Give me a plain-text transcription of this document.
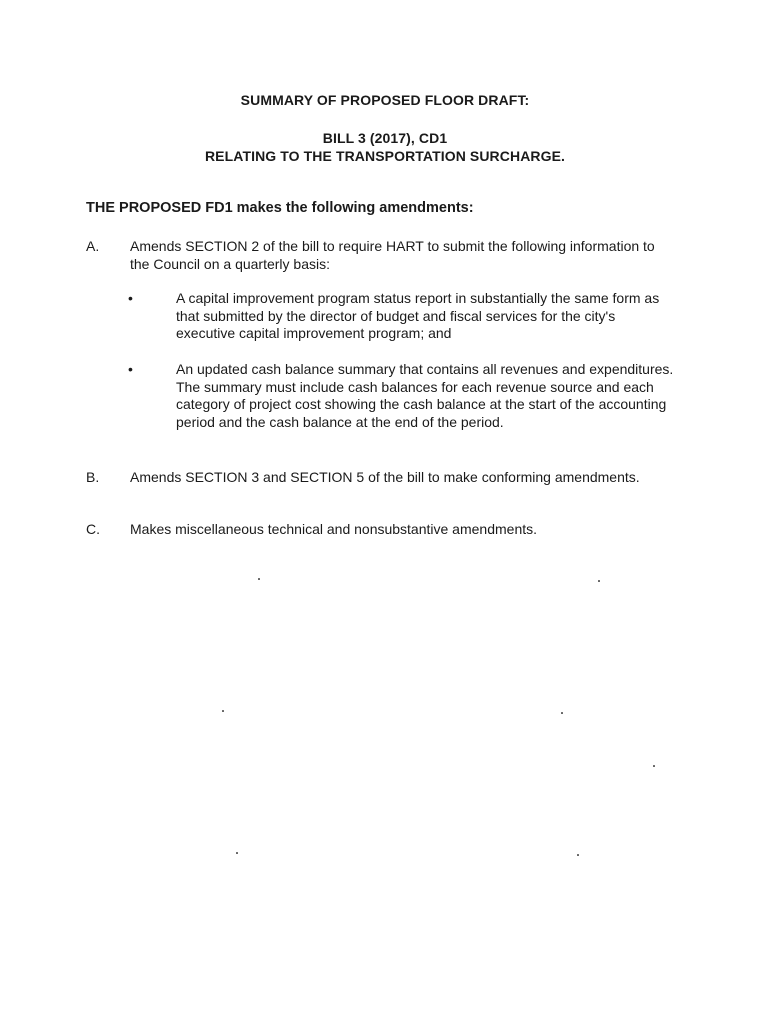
SUMMARY OF PROPOSED FLOOR DRAFT:
BILL 3 (2017), CD1
RELATING TO THE TRANSPORTATION SURCHARGE.
THE PROPOSED FD1 makes the following amendments:
A. Amends SECTION 2 of the bill to require HART to submit the following information to the Council on a quarterly basis:
•	A capital improvement program status report in substantially the same form as that submitted by the director of budget and fiscal services for the city's executive capital improvement program; and
•	An updated cash balance summary that contains all revenues and expenditures. The summary must include cash balances for each revenue source and each category of project cost showing the cash balance at the start of the accounting period and the cash balance at the end of the period.
B. Amends SECTION 3 and SECTION 5 of the bill to make conforming amendments.
C. Makes miscellaneous technical and nonsubstantive amendments.
